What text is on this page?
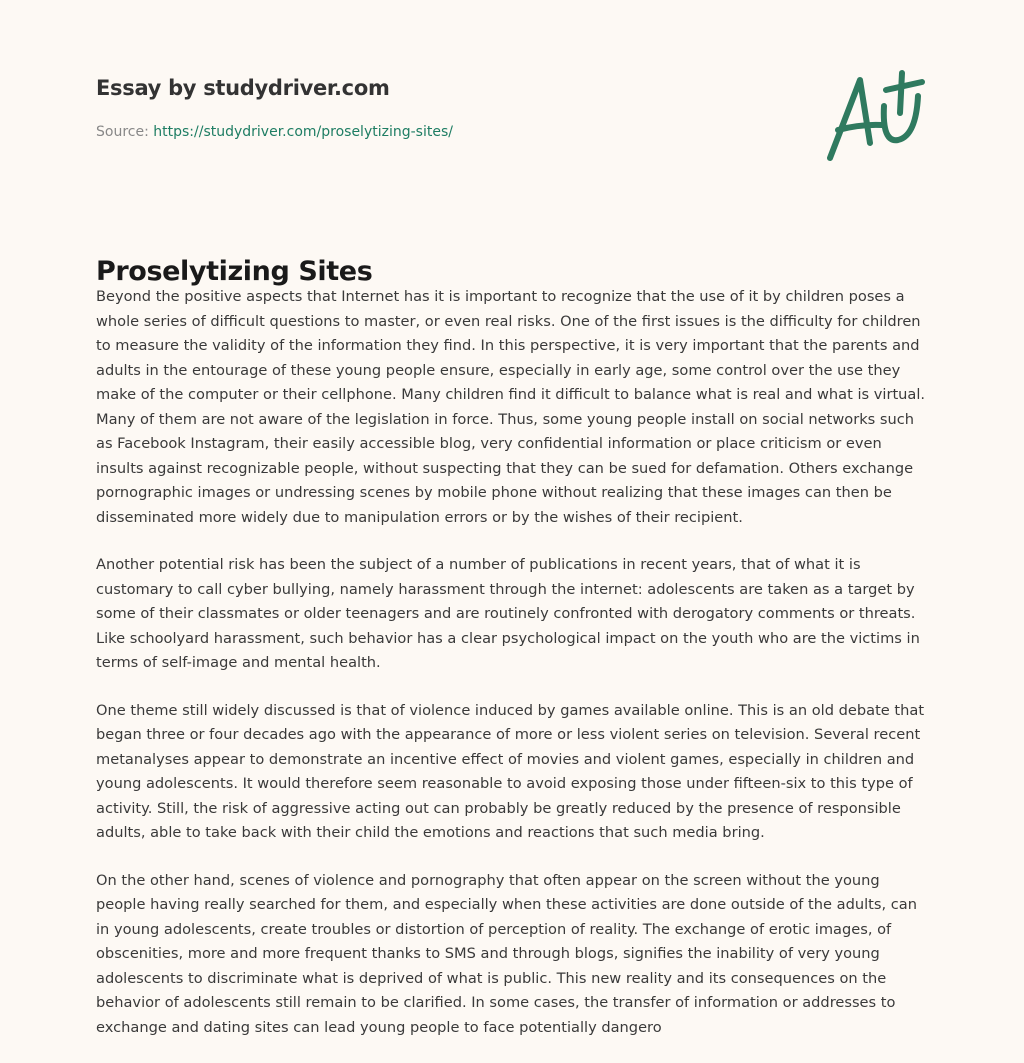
Essay by studydriver.com
Source: https://studydriver.com/proselytizing-sites/
Proselytizing Sites

Beyond the positive aspects that Internet has it is important to recognize that the use of it by children poses a
whole series of difficult questions to master, or even real risks. One of the first issues is the difficulty for children
to measure the validity of the information they find. In this perspective, it is very important that the parents and
adults in the entourage of these young people ensure, especially in early age, some control over the use they
make of the computer or their cellphone. Many children find it difficult to balance what is real and what is virtual.
Many of them are not aware of the legislation in force. Thus, some young people install on social networks such
as Facebook Instagram, their easily accessible blog, very confidential information or place criticism or even
insults against recognizable people, without suspecting that they can be sued for defamation. Others exchange
pornographic images or undressing scenes by mobile phone without realizing that these images can then be
disseminated more widely due to manipulation errors or by the wishes of their recipient.

Another potential risk has been the subject of a number of publications in recent years, that of what it is
customary to call cyber bullying, namely harassment through the internet: adolescents are taken as a target by
some of their classmates or older teenagers and are routinely confronted with derogatory comments or threats.
Like schoolyard harassment, such behavior has a clear psychological impact on the youth who are the victims in
terms of self-image and mental health.

One theme still widely discussed is that of violence induced by games available online. This is an old debate that
began three or four decades ago with the appearance of more or less violent series on television. Several recent
metanalyses appear to demonstrate an incentive effect of movies and violent games, especially in children and
young adolescents. It would therefore seem reasonable to avoid exposing those under fifteen-six to this type of
activity. Still, the risk of aggressive acting out can probably be greatly reduced by the presence of responsible
adults, able to take back with their child the emotions and reactions that such media bring.

On the other hand, scenes of violence and pornography that often appear on the screen without the young
people having really searched for them, and especially when these activities are done outside of the adults, can
in young adolescents, create troubles or distortion of perception of reality. The exchange of erotic images, of
obscenities, more and more frequent thanks to SMS and through blogs, signifies the inability of very young
adolescents to discriminate what is deprived of what is public. This new reality and its consequences on the
behavior of adolescents still remain to be clarified. In some cases, the transfer of information or addresses to
exchange and dating sites can lead young people to face potentially dangero
